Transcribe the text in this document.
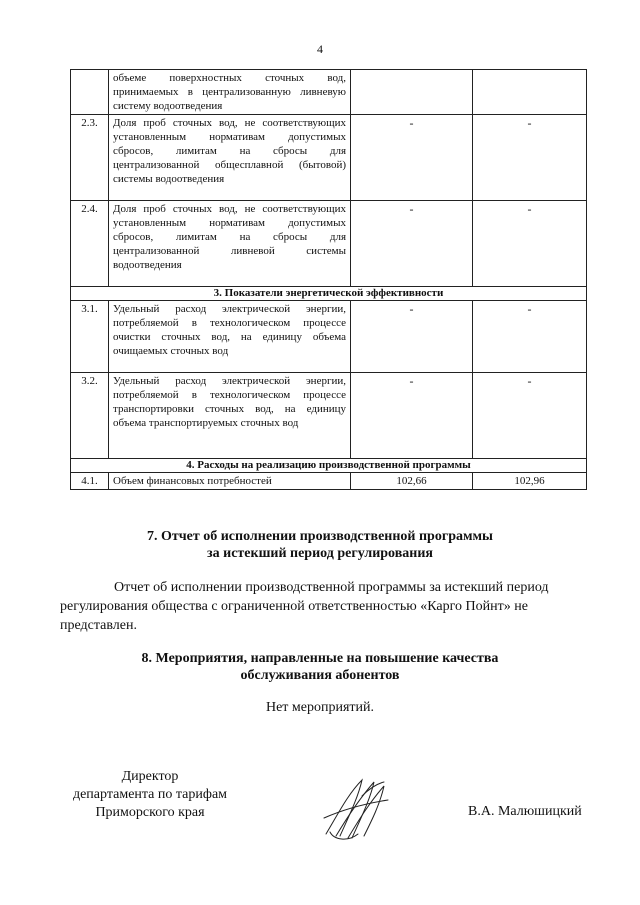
4
	объеме поверхностных сточных вод, принимаемых в централизованную ливневую систему водоотведения		
2.3.	Доля проб сточных вод, не соответствующих установленным нормативам допустимых сбросов, лимитам на сбросы для централизованной общесплавной (бытовой) системы водоотведения	-	-
2.4.	Доля проб сточных вод, не соответствующих установленным нормативам допустимых сбросов, лимитам на сбросы для централизованной ливневой системы водоотведения	-	-
3. Показатели энергетической эффективности			
3.1.	Удельный расход электрической энергии, потребляемой в технологическом процессе очистки сточных вод, на единицу объема очищаемых сточных вод	-	-
3.2.	Удельный расход электрической энергии, потребляемой в технологическом процессе транспортировки сточных вод, на единицу объема транспортируемых сточных вод	-	-
4. Расходы на реализацию производственной программы			
4.1.	Объем финансовых потребностей	102,66	102,96
7. Отчет об исполнении производственной программы
за истекший период регулирования
Отчет об исполнении производственной программы за истекший период регулирования общества с ограниченной ответственностью «Карго Пойнт» не представлен.
8. Мероприятия, направленные на повышение качества
обслуживания абонентов
Нет мероприятий.
Директор
департамента по тарифам
Приморского края	В.А. Малюшицкий
